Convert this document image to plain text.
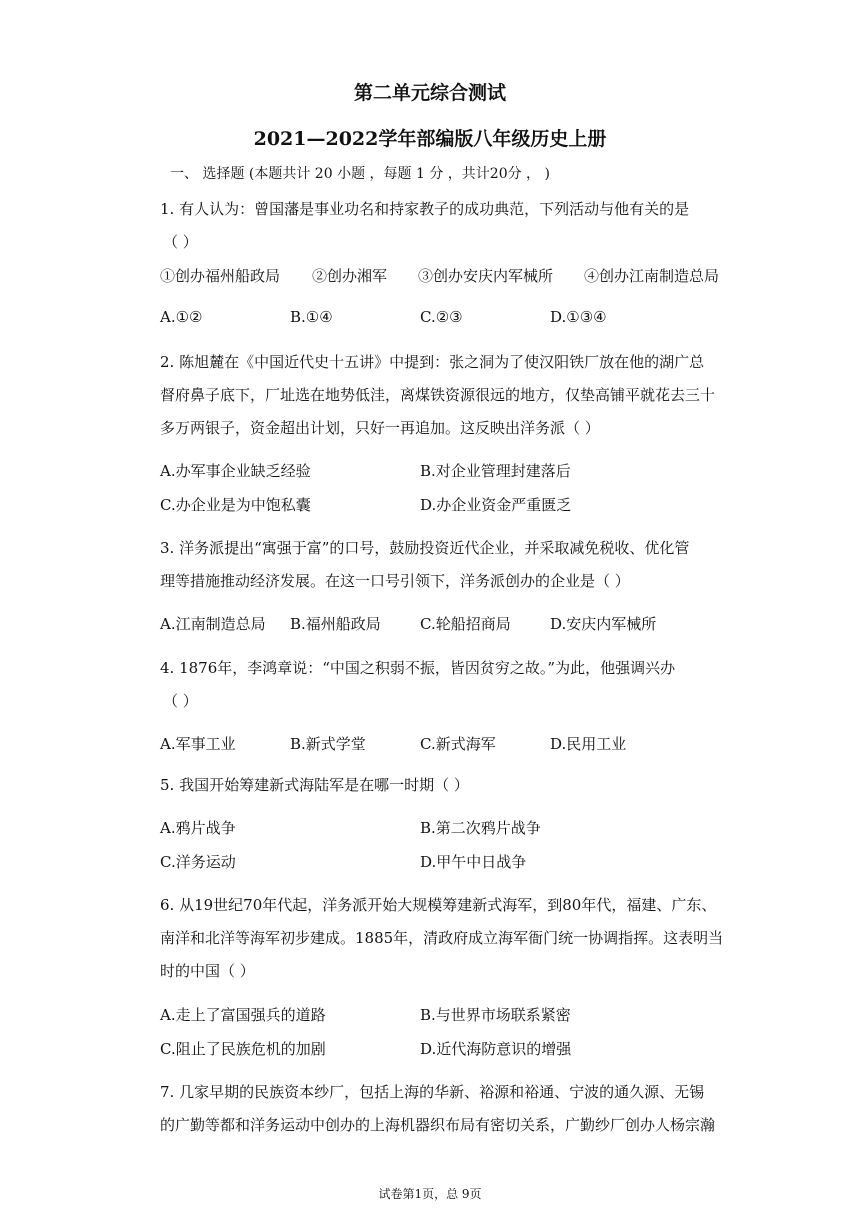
第二单元综合测试
2021—2022学年部编版八年级历史上册
一、 选择题 (本题共计 20 小题 ，每题 1 分 ，共计20分 ， )
1. 有人认为：曾国藩是事业功名和持家教子的成功典范，下列活动与他有关的是
（ ）
①创办福州船政局 ②创办湘军 ③创办安庆内军械所 ④创办江南制造总局
A.①②	B.①④	C.②③	D.①③④
2. 陈旭麓在《中国近代史十五讲》中提到：张之洞为了使汉阳铁厂放在他的湖广总
督府鼻子底下，厂址选在地势低洼，离煤铁资源很远的地方，仅垫高铺平就花去三十
多万两银子，资金超出计划，只好一再追加。这反映出洋务派（ ）
A.办军事企业缺乏经验	B.对企业管理封建落后
C.办企业是为中饱私囊	D.办企业资金严重匮乏
3. 洋务派提出“寓强于富”的口号，鼓励投资近代企业，并采取减免税收、优化管
理等措施推动经济发展。在这一口号引领下，洋务派创办的企业是（ ）
A.江南制造总局 B.福州船政局	C.轮船招商局	D.安庆内军械所
4. 1876年，李鸿章说：“中国之积弱不振，皆因贫穷之故。”为此，他强调兴办
（ ）
A.军事工业	B.新式学堂	C.新式海军	D.民用工业
5. 我国开始筹建新式海陆军是在哪一时期（ ）
A.鸦片战争	B.第二次鸦片战争
C.洋务运动	D.甲午中日战争
6. 从19世纪70年代起，洋务派开始大规模筹建新式海军，到80年代，福建、广东、
南洋和北洋等海军初步建成。1885年，清政府成立海军衙门统一协调指挥。这表明当
时的中国（ ）
A.走上了富国强兵的道路	B.与世界市场联系紧密
C.阻止了民族危机的加剧	D.近代海防意识的增强
7. 几家早期的民族资本纱厂，包括上海的华新、裕源和裕通、宁波的通久源、无锡
的广勤等都和洋务运动中创办的上海机器织布局有密切关系，广勤纱厂创办人杨宗瀚
试卷第1页，总 9页
